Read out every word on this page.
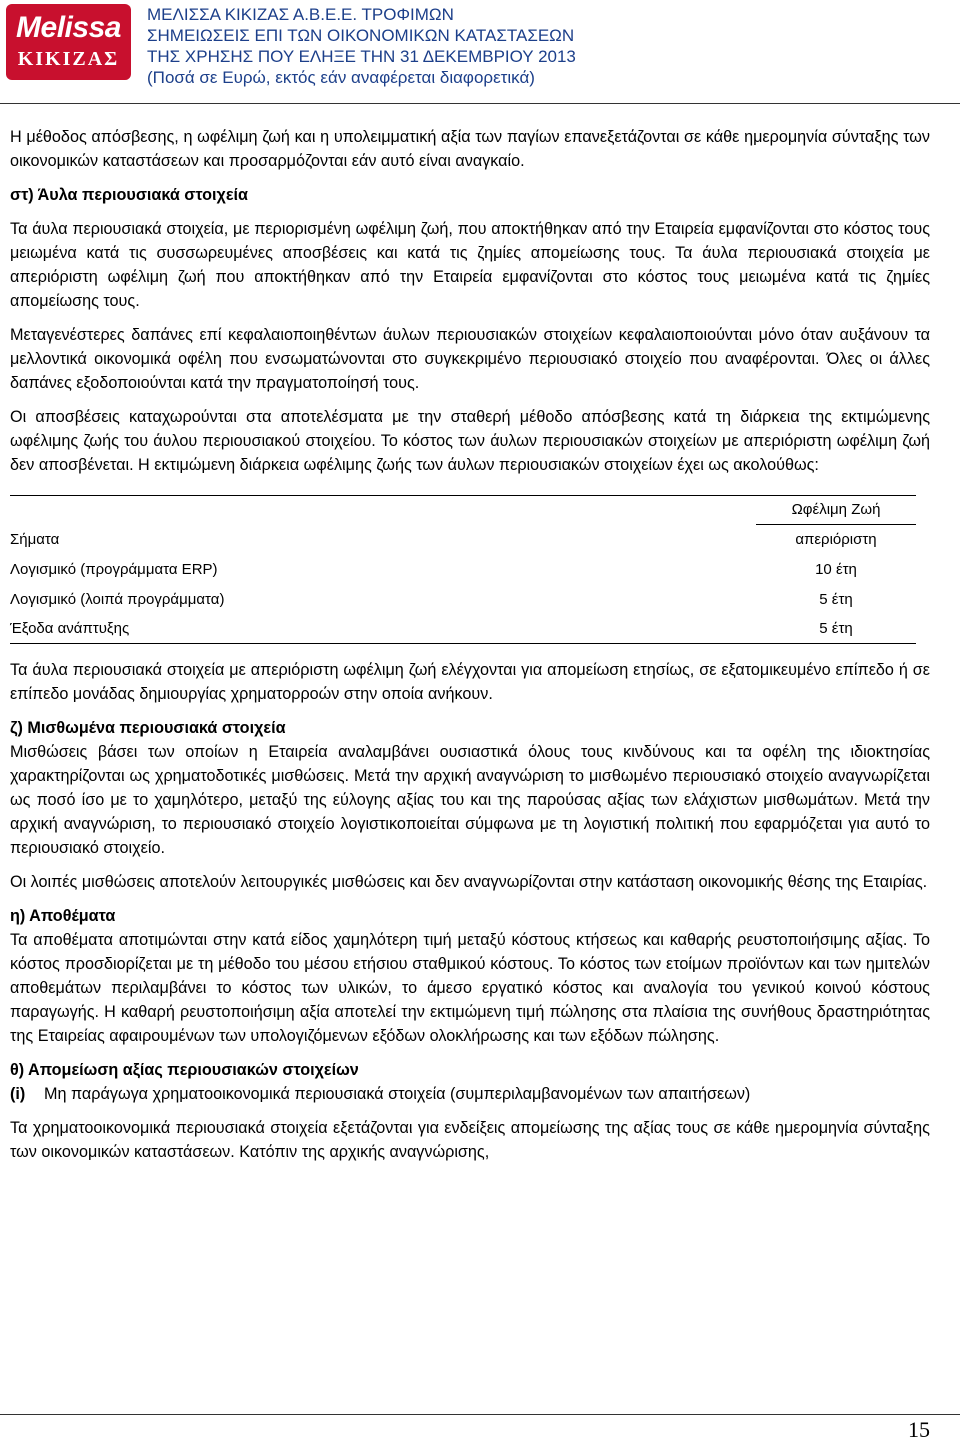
Melissa
ΚΙΚΙΖΑΣ
ΜΕΛΙΣΣΑ ΚΙΚΙΖΑΣ Α.Β.Ε.Ε. ΤΡΟΦΙΜΩΝ
ΣΗΜΕΙΩΣΕΙΣ ΕΠΙ ΤΩΝ ΟΙΚΟΝΟΜΙΚΩΝ ΚΑΤΑΣΤΑΣΕΩΝ
ΤΗΣ ΧΡΗΣΗΣ ΠΟΥ ΕΛΗΞΕ ΤΗΝ 31 ΔΕΚΕΜΒΡΙΟΥ 2013
(Ποσά σε Ευρώ, εκτός εάν αναφέρεται διαφορετικά)

Η μέθοδος απόσβεσης, η ωφέλιμη ζωή και η υπολειμματική αξία των παγίων επανεξετάζονται σε κάθε ημερομηνία σύνταξης των οικονομικών καταστάσεων και προσαρμόζονται εάν αυτό είναι αναγκαίο.

στ) Άυλα περιουσιακά στοιχεία

Τα άυλα περιουσιακά στοιχεία, με περιορισμένη ωφέλιμη ζωή, που αποκτήθηκαν από την Εταιρεία εμφανίζονται στο κόστος τους μειωμένα κατά τις συσσωρευμένες αποσβέσεις και κατά τις ζημίες απομείωσης τους. Τα άυλα περιουσιακά στοιχεία με απεριόριστη ωφέλιμη ζωή που αποκτήθηκαν από την Εταιρεία εμφανίζονται στο κόστος τους μειωμένα κατά τις ζημίες απομείωσης τους.

Μεταγενέστερες δαπάνες επί κεφαλαιοποιηθέντων άυλων περιουσιακών στοιχείων κεφαλαιοποιούνται μόνο όταν αυξάνουν τα μελλοντικά οικονομικά οφέλη που ενσωματώνονται στο συγκεκριμένο περιουσιακό στοιχείο που αναφέρονται. Όλες οι άλλες δαπάνες εξοδοποιούνται κατά την πραγματοποίησή τους.

Οι αποσβέσεις καταχωρούνται στα αποτελέσματα με την σταθερή μέθοδο απόσβεσης κατά τη διάρκεια της εκτιμώμενης ωφέλιμης ζωής του άυλου περιουσιακού στοιχείου. Το κόστος των άυλων περιουσιακών στοιχείων με απεριόριστη ωφέλιμη ζωή δεν αποσβένεται. Η εκτιμώμενη διάρκεια ωφέλιμης ζωής των άυλων περιουσιακών στοιχείων έχει ως ακολούθως:

	Ωφέλιμη Ζωή
Σήματα	απεριόριστη
Λογισμικό (προγράμματα ERP)	10 έτη
Λογισμικό (λοιπά προγράμματα)	5 έτη
Έξοδα ανάπτυξης	5 έτη

Τα άυλα περιουσιακά στοιχεία με απεριόριστη ωφέλιμη ζωή ελέγχονται για απομείωση ετησίως, σε εξατομικευμένο επίπεδο ή σε επίπεδο μονάδας δημιουργίας χρηματορροών στην οποία ανήκουν.

ζ) Μισθωμένα περιουσιακά στοιχεία

Μισθώσεις βάσει των οποίων η Εταιρεία αναλαμβάνει ουσιαστικά όλους τους κινδύνους και τα οφέλη της ιδιοκτησίας χαρακτηρίζονται ως χρηματοδοτικές μισθώσεις. Μετά την αρχική αναγνώριση το μισθωμένο περιουσιακό στοιχείο αναγνωρίζεται ως ποσό ίσο με το χαμηλότερο, μεταξύ της εύλογης αξίας του και της παρούσας αξίας των ελάχιστων μισθωμάτων. Μετά την αρχική αναγνώριση, το περιουσιακό στοιχείο λογιστικοποιείται σύμφωνα με τη λογιστική πολιτική που εφαρμόζεται για αυτό το περιουσιακό στοιχείο.

Οι λοιπές μισθώσεις αποτελούν λειτουργικές μισθώσεις και δεν αναγνωρίζονται στην κατάσταση οικονομικής θέσης της Εταιρίας.

η) Αποθέματα

Τα αποθέματα αποτιμώνται στην κατά είδος χαμηλότερη τιμή μεταξύ κόστους κτήσεως και καθαρής ρευστοποιήσιμης αξίας. Το κόστος προσδιορίζεται με τη μέθοδο του μέσου ετήσιου σταθμικού κόστους. Το κόστος των ετοίμων προϊόντων και των ημιτελών αποθεμάτων περιλαμβάνει το κόστος των υλικών, το άμεσο εργατικό κόστος και αναλογία του γενικού κοινού κόστους παραγωγής. Η καθαρή ρευστοποιήσιμη αξία αποτελεί την εκτιμώμενη τιμή πώλησης στα πλαίσια της συνήθους δραστηριότητας της Εταιρείας αφαιρουμένων των υπολογιζόμενων εξόδων ολοκλήρωσης και των εξόδων πώλησης.

θ) Απομείωση αξίας περιουσιακών στοιχείων
(i)	Μη παράγωγα χρηματοοικονομικά περιουσιακά στοιχεία (συμπεριλαμβανομένων των απαιτήσεων)

Τα χρηματοοικονομικά περιουσιακά στοιχεία εξετάζονται για ενδείξεις απομείωσης της αξίας τους σε κάθε ημερομηνία σύνταξης των οικονομικών καταστάσεων. Κατόπιν της αρχικής αναγνώρισης,

15
